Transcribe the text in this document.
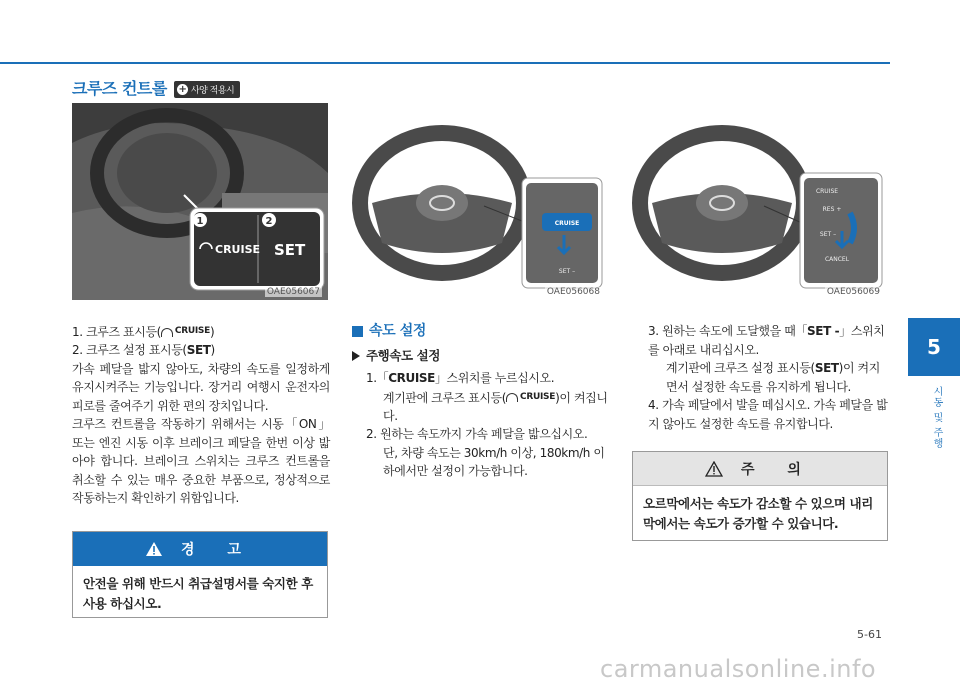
크루즈 컨트롤 + 사양 적용시
1	2
CRUISE SET
OAE056067
CRUISE
SET –
OAE056068
CRUISE
RES +
SET –
CANCEL
OAE056069

1. 크루즈 표시등( CRUISE )

2. 크루즈 설정 표시등(SET)

가속 페달을 밟지 않아도, 차량의 속도를 일정하게 유지시켜주는 기능입니다. 장거리 여행시 운전자의 피로를 줄여주기 위한 편의 장치입니다.

크루즈 컨트롤을 작동하기 위해서는 시동「ON」 또는 엔진 시동 이후 브레이크 페달을 한번 이상 밟아야 합니다. 브레이크 스위치는 크루즈 컨트롤을 취소할 수 있는 매우 중요한 부품으로, 정상적으로 작동하는지 확인하기 위함입니다.

경 고
안전을 위해 반드시 취급설명서를 숙지한 후 사용 하십시오.
속도 설정
주행속도 설정

1.「CRUISE」스위치를 누르십시오.

계기판에 크루즈 표시등( CRUISE )이 켜집니다.

2. 원하는 속도까지 가속 페달을 밟으십시오.

단, 차량 속도는 30km/h 이상, 180km/h 이하에서만 설정이 가능합니다.

3. 원하는 속도에 도달했을 때「SET -」스위치를 아래로 내리십시오.

계기판에 크루즈 설정 표시등(SET)이 켜지면서 설정한 속도를 유지하게 됩니다.

4. 가속 페달에서 발을 떼십시오. 가속 페달을 밟지 않아도 설정한 속도를 유지합니다.

주 의
오르막에서는 속도가 감소할 수 있으며 내리막에서는 속도가 증가할 수 있습니다.
5
시동 및 주행
5-61
carmanualsonline.info
